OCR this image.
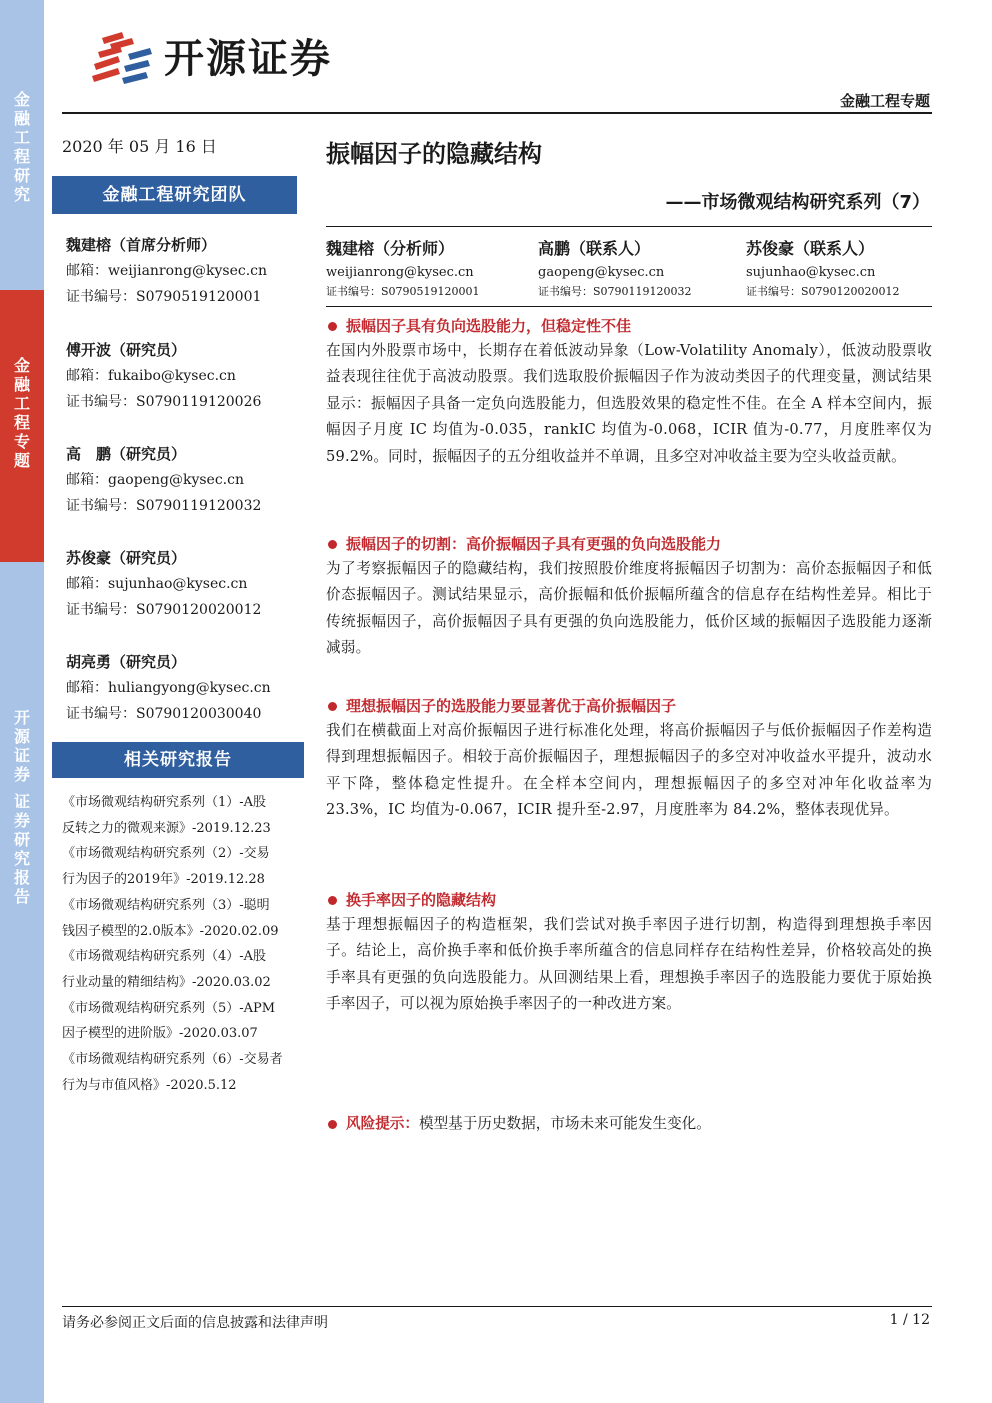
金
融
工
程
研
究
金
融
工
程
专
题
开
源
证
券

证
券
研
究
报
告
开源证券
金融工程专题
2020 年 05 月 16 日
金融工程研究团队
魏建榕（首席分析师）
邮箱：weijianrong@kysec.cn
证书编号：S0790519120001
傅开波（研究员）
邮箱：fukaibo@kysec.cn
证书编号：S0790119120026
高　鹏（研究员）
邮箱：gaopeng@kysec.cn
证书编号：S0790119120032
苏俊豪（研究员）
邮箱：sujunhao@kysec.cn
证书编号：S0790120020012
胡亮勇（研究员）
邮箱：huliangyong@kysec.cn
证书编号：S0790120030040
相关研究报告
《市场微观结构研究系列（1）-A股
反转之力的微观来源》-2019.12.23
《市场微观结构研究系列（2）-交易
行为因子的2019年》-2019.12.28
《市场微观结构研究系列（3）-聪明
钱因子模型的2.0版本》-2020.02.09
《市场微观结构研究系列（4）-A股
行业动量的精细结构》-2020.03.02
《市场微观结构研究系列（5）-APM
因子模型的进阶版》-2020.03.07
《市场微观结构研究系列（6）-交易者
行为与市值风格》-2020.5.12
振幅因子的隐藏结构
——市场微观结构研究系列（7）
魏建榕（分析师）
weijianrong@kysec.cn
证书编号：S0790519120001
高鹏（联系人）
gaopeng@kysec.cn
证书编号：S0790119120032
苏俊豪（联系人）
sujunhao@kysec.cn
证书编号：S0790120020012
振幅因子具有负向选股能力，但稳定性不佳

在国内外股票市场中，长期存在着低波动异象（Low-Volatility Anomaly），低波动股票收益表现往往优于高波动股票。我们选取股价振幅因子作为波动类因子的代理变量，测试结果显示：振幅因子具备一定负向选股能力，但选股效果的稳定性不佳。在全 A 样本空间内，振幅因子月度 IC 均值为-0.035，rankIC 均值为-0.068，ICIR 值为-0.77，月度胜率仅为 59.2%。同时，振幅因子的五分组收益并不单调，且多空对冲收益主要为空头收益贡献。

振幅因子的切割：高价振幅因子具有更强的负向选股能力

为了考察振幅因子的隐藏结构，我们按照股价维度将振幅因子切割为：高价态振幅因子和低价态振幅因子。测试结果显示，高价振幅和低价振幅所蕴含的信息存在结构性差异。相比于传统振幅因子，高价振幅因子具有更强的负向选股能力，低价区域的振幅因子选股能力逐渐减弱。

理想振幅因子的选股能力要显著优于高价振幅因子

我们在横截面上对高价振幅因子进行标准化处理，将高价振幅因子与低价振幅因子作差构造得到理想振幅因子。相较于高价振幅因子，理想振幅因子的多空对冲收益水平提升，波动水平下降，整体稳定性提升。在全样本空间内，理想振幅因子的多空对冲年化收益率为 23.3%，IC 均值为-0.067，ICIR 提升至-2.97，月度胜率为 84.2%，整体表现优异。

换手率因子的隐藏结构

基于理想振幅因子的构造框架，我们尝试对换手率因子进行切割，构造得到理想换手率因子。结论上，高价换手率和低价换手率所蕴含的信息同样存在结构性差异，价格较高处的换手率具有更强的负向选股能力。从回测结果上看，理想换手率因子的选股能力要优于原始换手率因子，可以视为原始换手率因子的一种改进方案。

风险提示：模型基于历史数据，市场未来可能发生变化。
请务必参阅正文后面的信息披露和法律声明	1 / 12
